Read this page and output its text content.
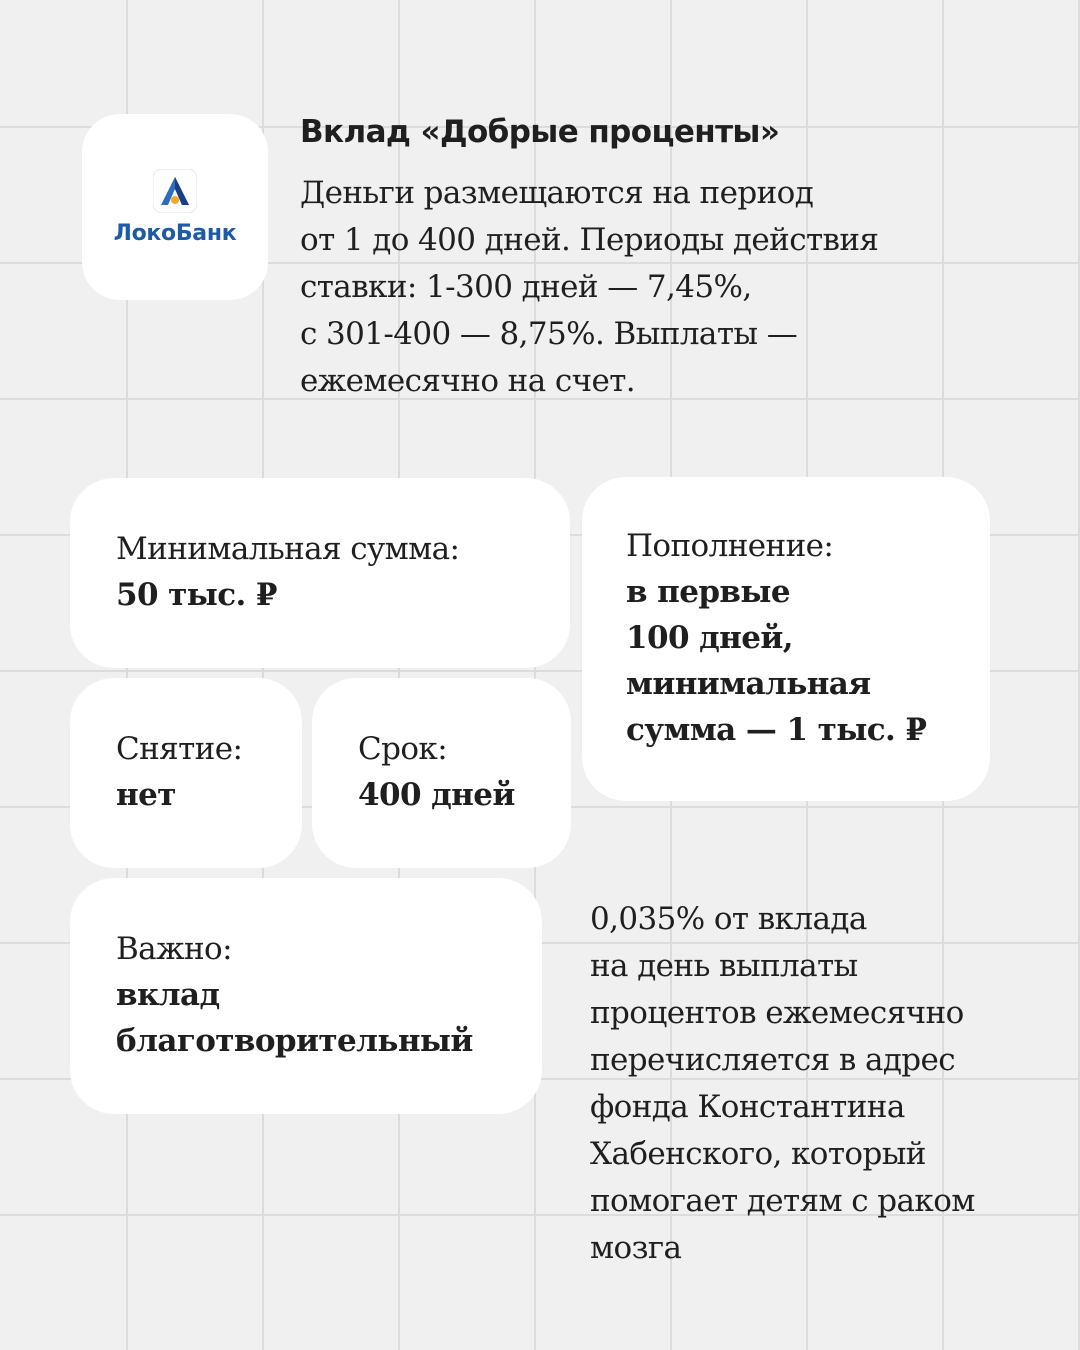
ЛокоБанк
Вклад «Добрые проценты»

Деньги размещаются на период
от 1 до 400 дней. Периоды действия
ставки: 1-300 дней — 7,45%,
с 301-400 — 8,75%. Выплаты —
ежемесячно на счет.

Минимальная сумма:
50 тыс. ₽
Пополнение:
в первые
100 дней,
минимальная
сумма — 1 тыс. ₽
Снятие:
нет
Срок:
400 дней
Важно:
вклад
благотворительный

0,035% от вклада
на день выплаты
процентов ежемесячно
перечисляется в адрес
фонда Константина
Хабенского, который
помогает детям с раком
мозга
